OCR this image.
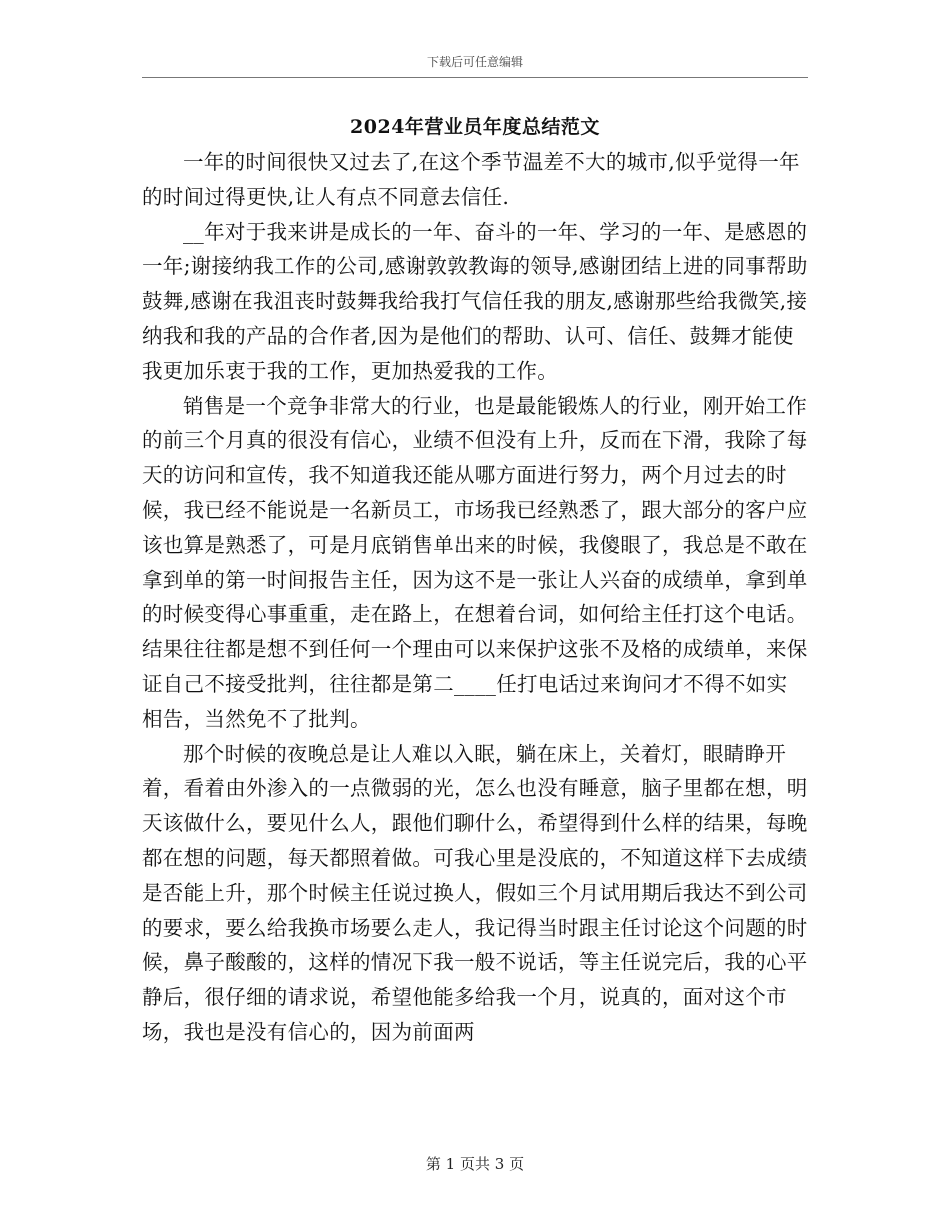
下载后可任意编辑
2024年营业员年度总结范文

一年的时间很快又过去了,在这个季节温差不大的城市,似乎觉得一年的时间过得更快,让人有点不同意去信任.

__年对于我来讲是成长的一年、奋斗的一年、学习的一年、是感恩的一年;谢接纳我工作的公司,感谢敦敦教诲的领导,感谢团结上进的同事帮助鼓舞,感谢在我沮丧时鼓舞我给我打气信任我的朋友,感谢那些给我微笑,接纳我和我的产品的合作者,因为是他们的帮助、认可、信任、鼓舞才能使我更加乐衷于我的工作，更加热爱我的工作。

销售是一个竞争非常大的行业，也是最能锻炼人的行业，刚开始工作的前三个月真的很没有信心，业绩不但没有上升，反而在下滑，我除了每天的访问和宣传，我不知道我还能从哪方面进行努力，两个月过去的时候，我已经不能说是一名新员工，市场我已经熟悉了，跟大部分的客户应该也算是熟悉了，可是月底销售单出来的时候，我傻眼了，我总是不敢在拿到单的第一时间报告主任，因为这不是一张让人兴奋的成绩单，拿到单的时候变得心事重重，走在路上，在想着台词，如何给主任打这个电话。结果往往都是想不到任何一个理由可以来保护这张不及格的成绩单，来保证自己不接受批判，往往都是第二____任打电话过来询问才不得不如实相告，当然免不了批判。

那个时候的夜晚总是让人难以入眠，躺在床上，关着灯，眼睛睁开着，看着由外渗入的一点微弱的光，怎么也没有睡意，脑子里都在想，明天该做什么，要见什么人，跟他们聊什么，希望得到什么样的结果，每晚都在想的问题，每天都照着做。可我心里是没底的，不知道这样下去成绩是否能上升，那个时候主任说过换人，假如三个月试用期后我达不到公司的要求，要么给我换市场要么走人，我记得当时跟主任讨论这个问题的时候，鼻子酸酸的，这样的情况下我一般不说话，等主任说完后，我的心平静后，很仔细的请求说，希望他能多给我一个月，说真的，面对这个市场，我也是没有信心的，因为前面两

第 1 页共 3 页
